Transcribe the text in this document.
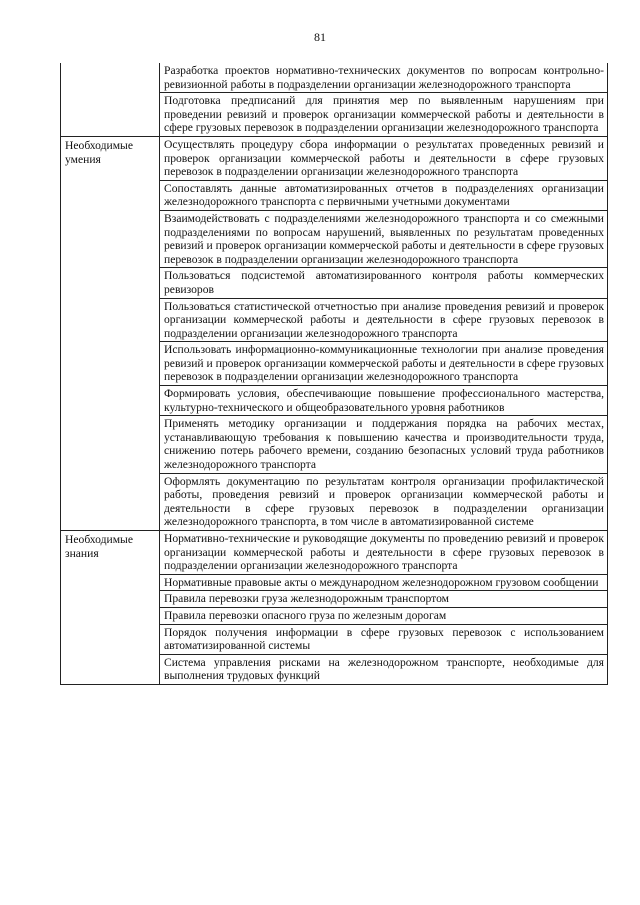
81
	Разработка проектов нормативно-технических документов по вопросам контрольно-ревизионной работы в подразделении организации железнодорожного транспорта
	Подготовка предписаний для принятия мер по выявленным нарушениям при проведении ревизий и проверок организации коммерческой работы и деятельности в сфере грузовых перевозок в подразделении организации железнодорожного транспорта

Необходимые умения	Осуществлять процедуру сбора информации о результатах проведенных ревизий и проверок организации коммерческой работы и деятельности в сфере грузовых перевозок в подразделении организации железнодорожного транспорта
	Сопоставлять данные автоматизированных отчетов в подразделениях организации железнодорожного транспорта с первичными учетными документами
	Взаимодействовать с подразделениями железнодорожного транспорта и со смежными подразделениями по вопросам нарушений, выявленных по результатам проведенных ревизий и проверок организации коммерческой работы и деятельности в сфере грузовых перевозок в подразделении организации железнодорожного транспорта
	Пользоваться подсистемой автоматизированного контроля работы коммерческих ревизоров
	Пользоваться статистической отчетностью при анализе проведения ревизий и проверок организации коммерческой работы и деятельности в сфере грузовых перевозок в подразделении организации железнодорожного транспорта
	Использовать информационно-коммуникационные технологии при анализе проведения ревизий и проверок организации коммерческой работы и деятельности в сфере грузовых перевозок в подразделении организации железнодорожного транспорта
	Формировать условия, обеспечивающие повышение профессионального мастерства, культурно-технического и общеобразовательного уровня работников
	Применять методику организации и поддержания порядка на рабочих местах, устанавливающую требования к повышению качества и производительности труда, снижению потерь рабочего времени, созданию безопасных условий труда работников железнодорожного транспорта
	Оформлять документацию по результатам контроля организации профилактической работы, проведения ревизий и проверок организации коммерческой работы и деятельности в сфере грузовых перевозок в подразделении организации железнодорожного транспорта, в том числе в автоматизированной системе

Необходимые знания	Нормативно-технические и руководящие документы по проведению ревизий и проверок организации коммерческой работы и деятельности в сфере грузовых перевозок в подразделении организации железнодорожного транспорта
	Нормативные правовые акты о международном железнодорожном грузовом сообщении
	Правила перевозки груза железнодорожным транспортом
	Правила перевозки опасного груза по железным дорогам
	Порядок получения информации в сфере грузовых перевозок с использованием автоматизированной системы
	Система управления рисками на железнодорожном транспорте, необходимые для выполнения трудовых функций
